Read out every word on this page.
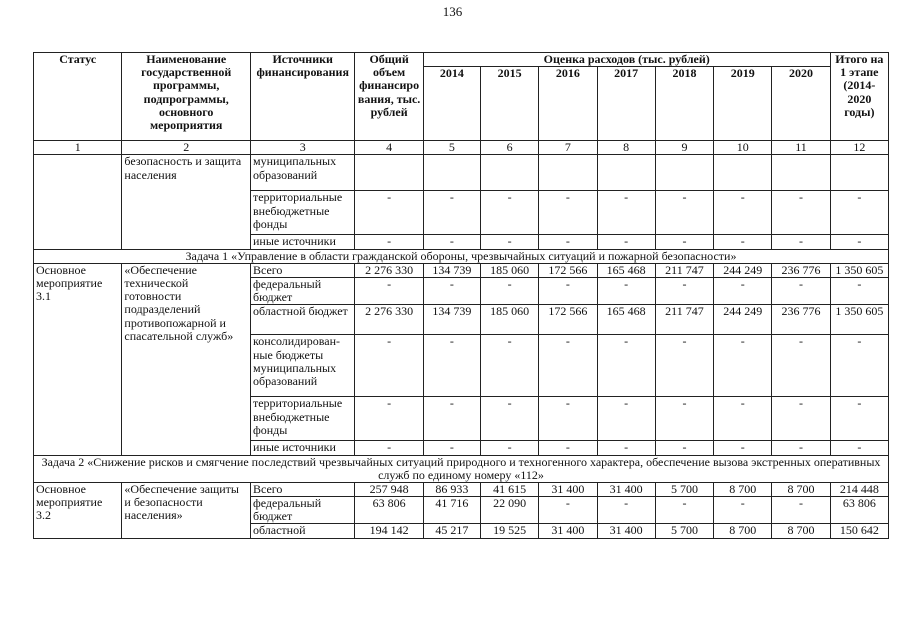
136
Статус	Наименование государственной программы, подпрограммы, основного мероприятия	Источники финансирования	Общий объем финансиро вания, тыс. рублей	Оценка расходов (тыс. рублей)							Итого на 1 этапе (2014-2020 годы)
				2014	2015	2016	2017	2018	2019	2020	
1	2	3	4	5	6	7	8	9	10	11	12
	безопасность и защита населения	муниципальных образований									
		территориальные внебюджетные фонды	-	-	-	-	-	-	-	-	-
		иные источники	-	-	-	-	-	-	-	-	-
Задача 1 «Управление в области гражданской обороны, чрезвычайных ситуаций и пожарной безопасности»											
Основное мероприятие 3.1	«Обеспечение технической готовности подразделений противопожарной и спасательной служб»	Всего	2 276 330	134 739	185 060	172 566	165 468	211 747	244 249	236 776	1 350 605
		федеральный бюджет	-	-	-	-	-	-	-	-	-
		областной бюджет	2 276 330	134 739	185 060	172 566	165 468	211 747	244 249	236 776	1 350 605
		консолидирован- ные бюджеты муниципальных образований	-	-	-	-	-	-	-	-	-
		территориальные внебюджетные фонды	-	-	-	-	-	-	-	-	-
		иные источники	-	-	-	-	-	-	-	-	-
Задача 2 «Снижение рисков и смягчение последствий чрезвычайных ситуаций природного и техногенного характера, обеспечение вызова экстренных оперативных служб по единому номеру «112»											
Основное мероприятие 3.2	«Обеспечение защиты и безопасности населения»	Всего	257 948	86 933	41 615	31 400	31 400	5 700	8 700	8 700	214 448
		федеральный бюджет	63 806	41 716	22 090	-	-	-	-	-	63 806
		областной	194 142	45 217	19 525	31 400	31 400	5 700	8 700	8 700	150 642
